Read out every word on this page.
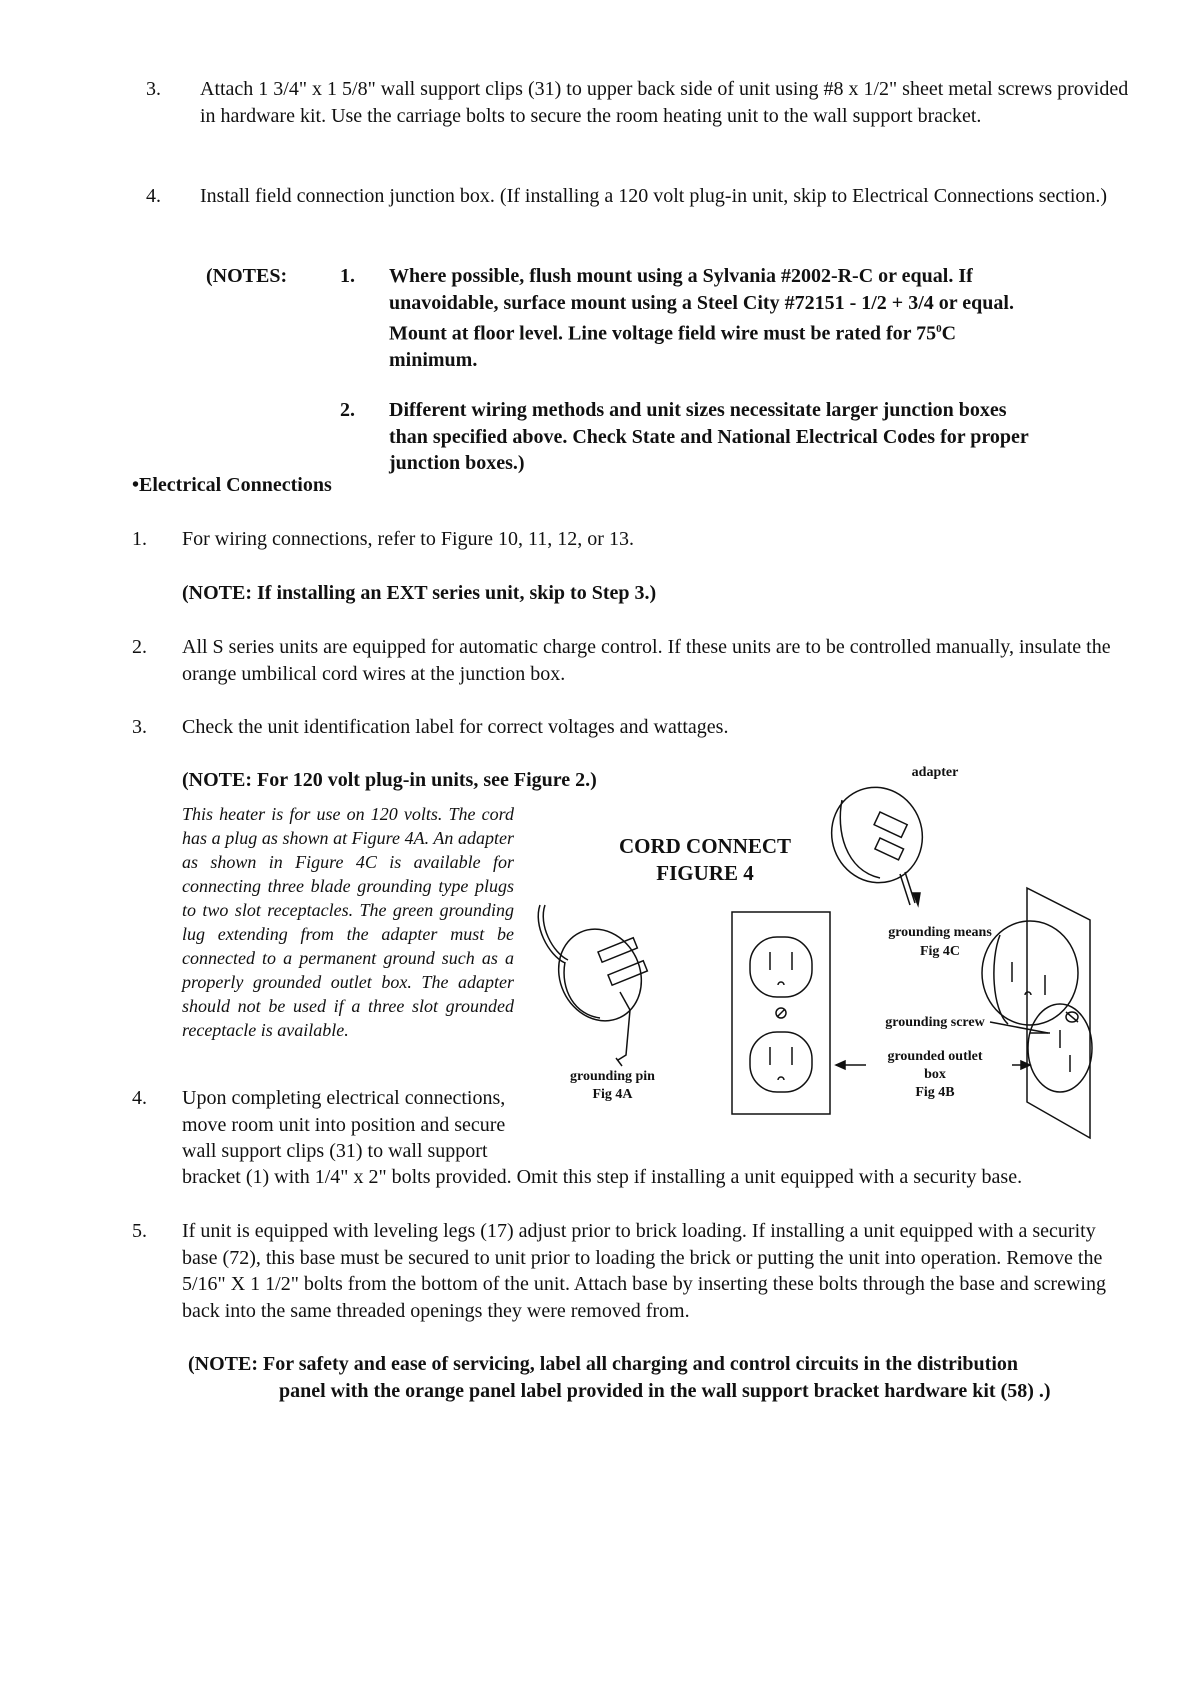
3. Attach 1 3/4" x 1 5/8" wall support clips (31) to upper back side of unit using #8 x 1/2" sheet metal screws provided in hardware kit. Use the carriage bolts to secure the room heating unit to the wall support bracket.
4. Install field connection junction box. (If installing a 120 volt plug-in unit, skip to Electrical Connections section.)
(NOTES:	1. Where possible, flush mount using a Sylvania #2002-R-C or equal. If unavoidable, surface mount using a Steel City #72151 - 1/2 + 3/4 or equal. Mount at floor level. Line voltage field wire must be rated for $75^0C$ minimum.
2. Different wiring methods and unit sizes necessitate larger junction boxes than specified above. Check State and National Electrical Codes for proper junction boxes.)
•Electrical Connections
1. For wiring connections, refer to Figure 10, 11, 12, or 13.
(NOTE: If installing an EXT series unit, skip to Step 3.)
2. All S series units are equipped for automatic charge control. If these units are to be controlled manually, insulate the orange umbilical cord wires at the junction box.
3. Check the unit identification label for correct voltages and wattages.
(NOTE: For 120 volt plug-in units, see Figure 2.)
This heater is for use on 120 volts. The cord has a plug as shown at Figure 4A. An adapter as shown in Figure 4C is available for connecting three blade grounding type plugs to two slot receptacles. The green grounding lug extending from the adapter must be connected to a permanent ground such as a properly grounded outlet box. The adapter should not be used if a three slot grounded receptacle is available.
4. Upon completing electrical connections, move room unit into position and secure wall support clips (31) to wall support
bracket (1) with 1/4" x 2" bolts provided. Omit this step if installing a unit equipped with a security base.
5. If unit is equipped with leveling legs (17) adjust prior to brick loading. If installing a unit equipped with a security base (72), this base must be secured to unit prior to loading the brick or putting the unit into operation. Remove the 5/16" X 1 1/2" bolts from the bottom of the unit. Attach base by inserting these bolts through the base and screwing back into the same threaded openings they were removed from.
(NOTE: For safety and ease of servicing, label all charging and control circuits in the distribution
panel with the orange panel label provided in the wall support bracket hardware kit (58) .)
CORD CONNECT
FIGURE 4
adapter
grounding means
Fig 4C
grounding screw
grounded outlet
box
Fig 4B
grounding pin
Fig 4A
